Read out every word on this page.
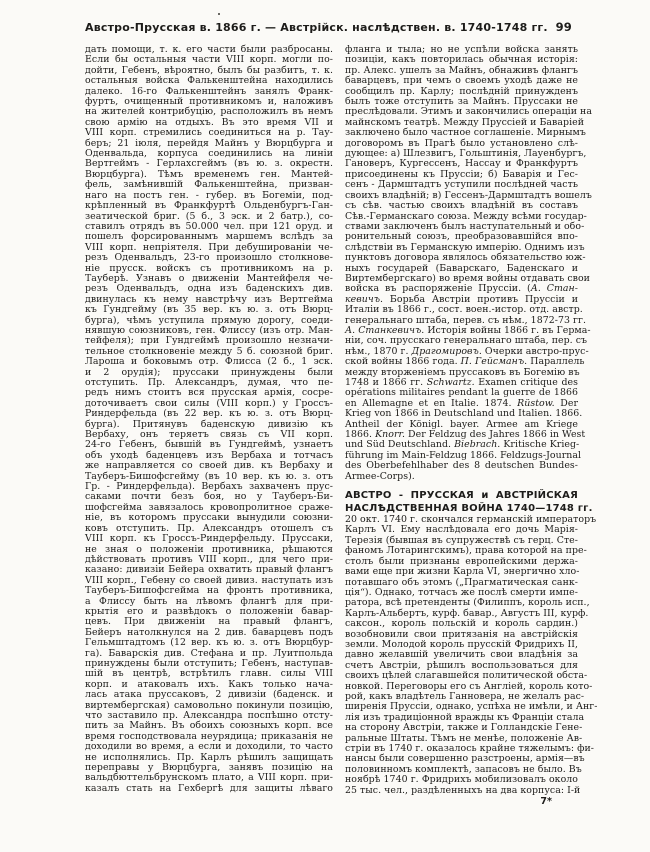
Австро-Прусская в. 1866 г. — Австрійск. наслѣдствен. в. 1740-1748 гг. 99
дать помощи, т. к. его части были разбросаны.
Если бы остальныя части VIII корп. могли по-
дойти, Гебенъ, вѣроятно, былъ бы разбитъ, т. к.
остальныя войска Фалькенштейна находились
далеко. 16-го Фалькенштейнъ занялъ Франк-
фуртъ, очищенный противникомъ и, наложивъ
на жителей контрибуцію, расположилъ въ немъ
свою армію на отдыхъ. Въ это время VII и
VIII корп. стремились соединиться на р. Тау-
беръ; 21 іюля, перейдя Майнъ у Вюрцбурга и
Оденвальда, корпуса соединились на линіи
Вертгеймъ - Герлахсгеймъ (въ ю. з. окрестн.
Вюрцбурга). Тѣмъ временемъ ген. Мантей-
фель, замѣнившій Фалькенштейна, призван-
наго на постъ ген. - губер. въ Богеміи, под-
крѣпленный въ Франкфуртѣ Ольденбургъ-Ган-
зеатической бриг. (5 б., 3 эск. и 2 батр.), со-
ставилъ отрядъ въ 50.000 чел. при 121 оруд. и
пошелъ форсированнымъ маршемъ вслѣдъ за
VIII корп. непріятеля. При дебушированіи че-
резъ Оденвальдъ, 23-го произошло столкнове-
ніе прусск. войскъ съ противникомъ на р.
Тауберѣ. Узнавъ о движеніи Мантейфеля че-
резъ Оденвальдъ, одна изъ баденскихъ див.
двинулась къ нему навстрѣчу изъ Вертгейма
къ Гундгейму (въ 35 вер. къ ю. з. отъ Вюрц-
бурга), чѣмъ уступила прямую дорогу, соеди-
нявшую союзниковъ, ген. Флиссу (изъ отр. Ман-
тейфеля); при Гундгеймѣ произошло незначи-
тельное столкновеніе между 5 б. союзной бриг.
Лароша и боковымъ отр. Флисса (2 б., 1 эск.
и 2 орудія); пруссаки принуждены были
отступить. Пр. Александръ, думая, что пе-
редъ нимъ стоитъ вся прусская армія, сосре-
доточиваетъ свои силы (VIII корп.) у Гроссъ-
Риндерфельда (въ 22 вер. къ ю. з. отъ Вюрц-
бурга). Притянувъ баденскую дивизію къ
Вербаху, онъ теряетъ связь съ VII корп.
24-го Гебенъ, бывшій въ Гундгеймѣ, узнаетъ
объ уходѣ баденцевъ изъ Вербаха и тотчасъ
же направляется со своей див. къ Вербаху и
Тауберъ-Бишофсгейму (въ 10 вер. къ ю. з. отъ
Гр. - Риндерфельда). Вербахъ захваченъ прус-
саками почти безъ боя, но у Тауберъ-Би-
шофсгейма завязалось кровопролитное сраже-
ніе, въ которомъ пруссаки вынудили союзни-
ковъ отступить. Пр. Александръ отошелъ съ
VIII корп. къ Гроссъ-Риндерфельду. Пруссаки,
не зная о положеніи противника, рѣшаются
дѣйствовать противъ VIII корп., для чего при-
казано: дивизіи Бейера охватить правый флангъ
VIII корп., Гебену со своей дивиз. наступать изъ
Тауберъ-Бишофсгейма на фронтъ противника,
а Флиссу быть на лѣвомъ флангѣ для при-
крытія его и развѣдокъ о положеніи бавар-
цевъ. При движеніи на правый флангъ,
Бейеръ натолкнулся на 2 див. баварцевъ подъ
Гельмштадтомъ (12 вер. къ ю. з. отъ Вюрцбур-
га). Баварскія див. Стефана и пр. Луитпольда
принуждены были отступить; Гебенъ, наступав-
шій въ центрѣ, встрѣтилъ главн. силы VIII
корп. и атаковалъ ихъ. Какъ только нача-
лась атака пруссаковъ, 2 дивизіи (баденск. и
виртембергская) самовольно покинули позицію,
что заставило пр. Александра поспѣшно отсту-
пить за Майнъ. Въ обоихъ союзныхъ корп. все
время господствовала неурядица; приказанія не
доходили во время, а если и доходили, то часто
не исполнялись. Пр. Карлъ рѣшилъ защищать
переправы у Вюрцбурга, занявъ позицію на
вальдбюттельбрунскомъ плато, а VIII корп. при-
казалъ стать на Гехбергѣ для защиты лѣваго
фланга и тыла; но не успѣли войска занять
позиціи, какъ повторилась обычная исторія:
пр. Алекс. ушелъ за Майнъ, обнаживъ флангъ
баварцевъ, при чемъ о своемъ уходѣ даже не
сообщилъ пр. Карлу; послѣдній принужденъ
былъ тоже отступить за Майнъ. Пруссаки не
преслѣдовали. Этимъ и закончились операціи на
майнскомъ театрѣ. Между Пруссіей и Баваріей
заключено было частное соглашеніе. Мирнымъ
договоромъ въ Прагѣ было установлено слѣ-
дующее: а) Шлезвигъ, Гольштинія, Лауенбургъ,
Гановеръ, Кургессенъ, Нассау и Франкфуртъ
присоединены къ Пруссіи; б) Баварія и Гес-
сенъ - Дармштадтъ уступили послѣдней часть
своихъ владѣній; в) Гессенъ-Дармштадтъ вошелъ
съ сѣв. частью своихъ владѣній въ составъ
Сѣв.-Германскаго союза. Между всѣми государ-
ствами заключенъ былъ наступательный и обо-
ронительный союзъ, преобразовавшійся впо-
слѣдствіи въ Германскую имперію. Однимъ изъ
пунктовъ договора являлось обязательство юж-
ныхъ государей (Баварскаго, Баденскаго и
Виртембергскаго) во время войны отдавать свои
войска въ распоряженіе Пруссіи. (А. Стан-
кевичъ. Борьба Австріи противъ Пруссіи и
Италіи въ 1866 г., сост. воен.-истор. отд. австр.
генеральнаго штаба, перев. съ нѣм., 1872-73 гг.
А. Станкевичъ. Исторія войны 1866 г. въ Герма-
ніи, соч. прусскаго генеральнаго штаба, пер. съ
нѣм., 1870 г. Драгомировъ. Очерки австро-прус-
ской войны 1866 года. П. Гейсманъ. Параллель
между вторженіемъ пруссаковъ въ Богемію въ
1748 и 1866 гг. Schwartz. Examen critique des
opérations militaires pendant la guerre de 1866
en Allemagne et en Italie. 1874. Rüstow. Der
Krieg von 1866 in Deutschland und Italien. 1866.
Antheil der Königl. bayer. Armee am Kriege
1866. Knorr. Der Feldzug des Jahres 1866 in West
und Süd Deutschland. Biebrach. Kritische Krieg-
führung im Main-Feldzug 1866. Feldzugs-Journal
des Oberbefehlhaber des 8 deutschen Bundes-
Armee-Corps).
АВСТРО - ПРУССКАЯ и АВСТРІЙСКАЯ
НАСЛѢДСТВЕННАЯ ВОЙНА 1740—1748 гг.
20 окт. 1740 г. скончался германскій императоръ
Карлъ VI. Ему наслѣдовала его дочь Марія-
Терезія (бывшая въ супружествѣ съ герц. Сте-
фаномъ Лотарингскимъ), права которой на пре-
столъ были признаны европейскими держа-
вами еще при жизни Карла VI, энергично хло-
потавшаго объ этомъ („Прагматическая санк-
ція“). Однако, тотчасъ же послѣ смерти импе-
ратора, всѣ претенденты (Филиппъ, король исп.,
Карлъ-Альбертъ, курф. бавар., Августъ III, курф.
саксон., король польскій и король сардин.)
возобновили свои притязанія на австрійскія
земли. Молодой король прусскій Фридрихъ II,
давно желавшій увеличить свои владѣнія за
счетъ Австріи, рѣшилъ воспользоваться для
своихъ цѣлей слагавшейся политической обста-
новкой. Переговоры его съ Англіей, король кото-
рой, какъ владѣтель Ганновера, не желалъ рас-
ширенія Пруссіи, однако, успѣха не имѣли, и Анг-
лія изъ традиціонной вражды къ Франціи стала
на сторону Австріи, также и Голландскіе Гене-
ральные Штаты. Тѣмъ не менѣе, положеніе Ав-
стріи въ 1740 г. оказалось крайне тяжелымъ: фи-
нансы были совершенно разстроены, армія—въ
половинномъ комплектѣ, запасовъ не было. Въ
ноябрѣ 1740 г. Фридрихъ мобилизовалъ около
25 тыс. чел., раздѣленныхъ на два корпуса: I-й
7*
